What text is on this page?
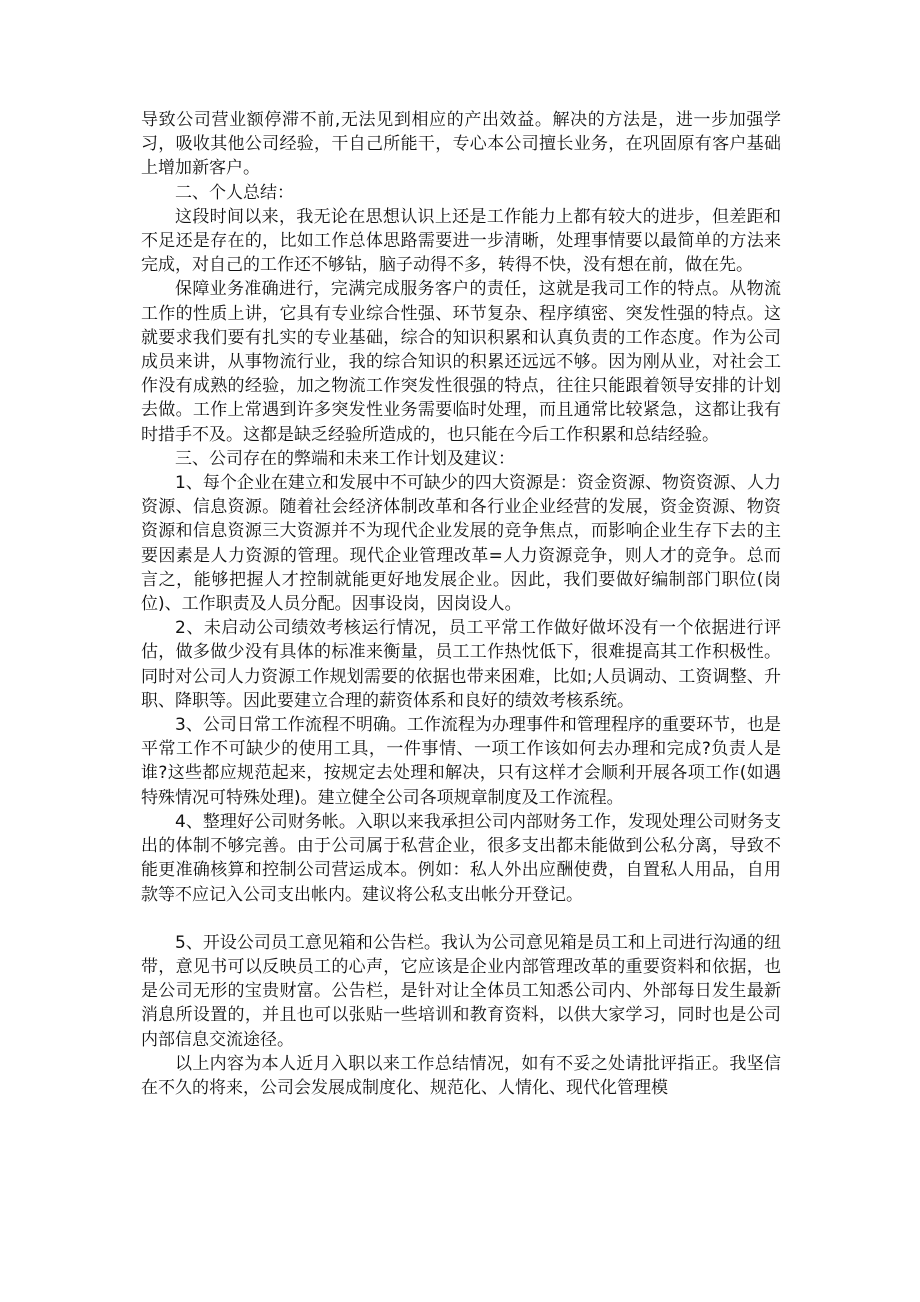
导致公司营业额停滞不前,无法见到相应的产出效益。解决的方法是，进一步加强学习，吸收其他公司经验，干自己所能干，专心本公司擅长业务，在巩固原有客户基础上增加新客户。

二、个人总结：

这段时间以来，我无论在思想认识上还是工作能力上都有较大的进步，但差距和不足还是存在的，比如工作总体思路需要进一步清晰，处理事情要以最简单的方法来完成，对自己的工作还不够钻，脑子动得不多，转得不快，没有想在前，做在先。

保障业务准确进行，完满完成服务客户的责任，这就是我司工作的特点。从物流工作的性质上讲，它具有专业综合性强、环节复杂、程序缜密、突发性强的特点。这就要求我们要有扎实的专业基础，综合的知识积累和认真负责的工作态度。作为公司成员来讲，从事物流行业，我的综合知识的积累还远远不够。因为刚从业，对社会工作没有成熟的经验，加之物流工作突发性很强的特点，往往只能跟着领导安排的计划去做。工作上常遇到许多突发性业务需要临时处理，而且通常比较紧急，这都让我有时措手不及。这都是缺乏经验所造成的，也只能在今后工作积累和总结经验。

三、公司存在的弊端和未来工作计划及建议：

1、每个企业在建立和发展中不可缺少的四大资源是：资金资源、物资资源、人力资源、信息资源。随着社会经济体制改革和各行业企业经营的发展，资金资源、物资资源和信息资源三大资源并不为现代企业发展的竞争焦点，而影响企业生存下去的主要因素是人力资源的管理。现代企业管理改革=人力资源竞争，则人才的竞争。总而言之，能够把握人才控制就能更好地发展企业。因此，我们要做好编制部门职位(岗位)、工作职责及人员分配。因事设岗，因岗设人。

2、未启动公司绩效考核运行情况，员工平常工作做好做坏没有一个依据进行评估，做多做少没有具体的标准来衡量，员工工作热忱低下，很难提高其工作积极性。同时对公司人力资源工作规划需要的依据也带来困难，比如;人员调动、工资调整、升职、降职等。因此要建立合理的薪资体系和良好的绩效考核系统。

3、公司日常工作流程不明确。工作流程为办理事件和管理程序的重要环节，也是平常工作不可缺少的使用工具，一件事情、一项工作该如何去办理和完成?负责人是谁?这些都应规范起来，按规定去处理和解决，只有这样才会顺利开展各项工作(如遇特殊情况可特殊处理)。建立健全公司各项规章制度及工作流程。

4、整理好公司财务帐。入职以来我承担公司内部财务工作，发现处理公司财务支出的体制不够完善。由于公司属于私营企业，很多支出都未能做到公私分离，导致不能更准确核算和控制公司营运成本。例如：私人外出应酬使费，自置私人用品，自用款等不应记入公司支出帐内。建议将公私支出帐分开登记。

5、开设公司员工意见箱和公告栏。我认为公司意见箱是员工和上司进行沟通的纽带，意见书可以反映员工的心声，它应该是企业内部管理改革的重要资料和依据，也是公司无形的宝贵财富。公告栏，是针对让全体员工知悉公司内、外部每日发生最新消息所设置的，并且也可以张贴一些培训和教育资料，以供大家学习，同时也是公司内部信息交流途径。

以上内容为本人近月入职以来工作总结情况，如有不妥之处请批评指正。我坚信在不久的将来，公司会发展成制度化、规范化、人情化、现代化管理模
